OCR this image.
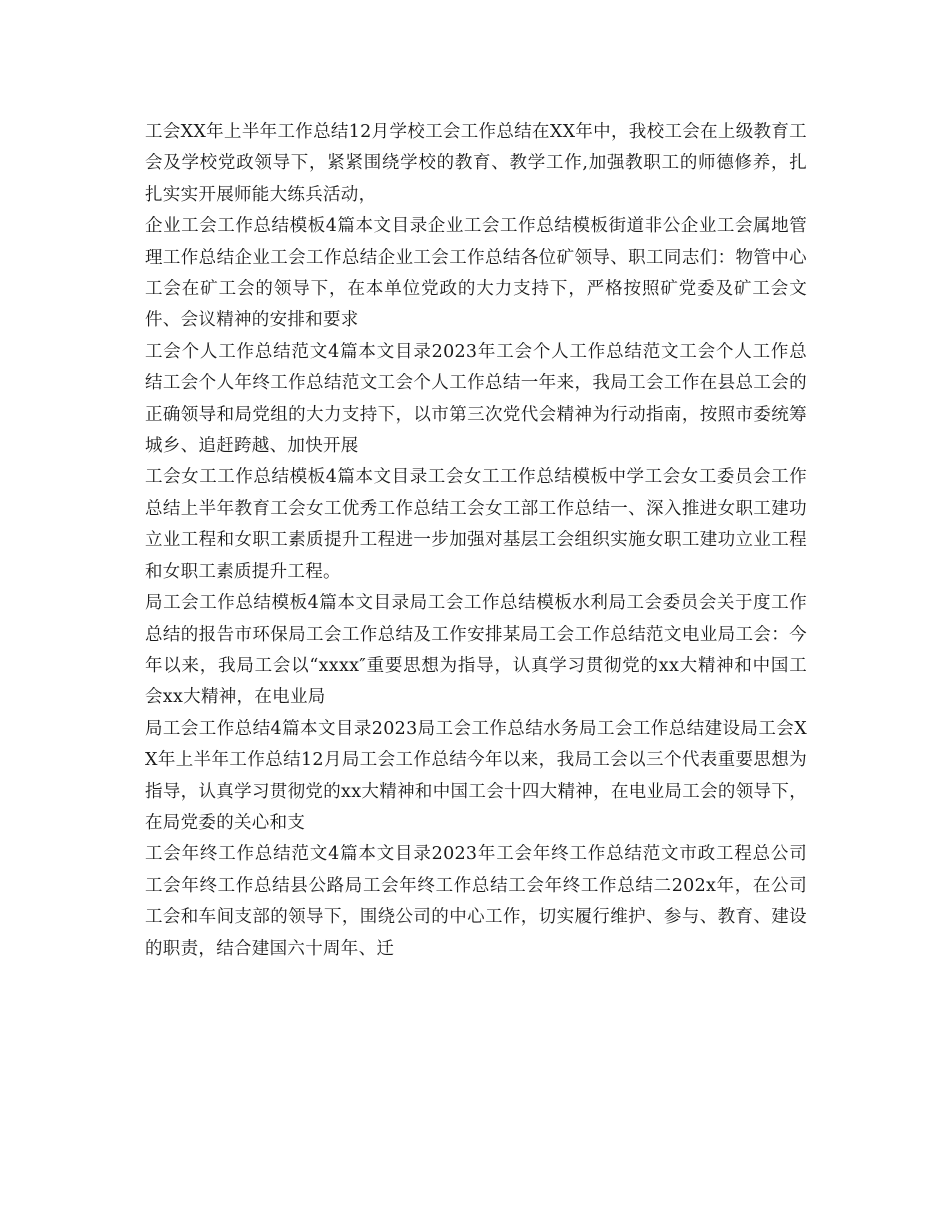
工会XX年上半年工作总结12月学校工会工作总结在XX年中，我校工会在上级教育工会及学校党政领导下，紧紧围绕学校的教育、教学工作,加强教职工的师德修养，扎扎实实开展师能大练兵活动，

企业工会工作总结模板4篇本文目录企业工会工作总结模板街道非公企业工会属地管理工作总结企业工会工作总结企业工会工作总结各位矿领导、职工同志们：物管中心工会在矿工会的领导下，在本单位党政的大力支持下，严格按照矿党委及矿工会文件、会议精神的安排和要求

工会个人工作总结范文4篇本文目录2023年工会个人工作总结范文工会个人工作总结工会个人年终工作总结范文工会个人工作总结一年来，我局工会工作在县总工会的正确领导和局党组的大力支持下，以市第三次党代会精神为行动指南，按照市委统筹城乡、追赶跨越、加快开展

工会女工工作总结模板4篇本文目录工会女工工作总结模板中学工会女工委员会工作总结上半年教育工会女工优秀工作总结工会女工部工作总结一、深入推进女职工建功立业工程和女职工素质提升工程进一步加强对基层工会组织实施女职工建功立业工程和女职工素质提升工程。

局工会工作总结模板4篇本文目录局工会工作总结模板水利局工会委员会关于度工作总结的报告市环保局工会工作总结及工作安排某局工会工作总结范文电业局工会：今年以来，我局工会以“xxxx″重要思想为指导，认真学习贯彻党的xx大精神和中国工会xx大精神，在电业局

局工会工作总结4篇本文目录2023局工会工作总结水务局工会工作总结建设局工会XX年上半年工作总结12月局工会工作总结今年以来，我局工会以三个代表重要思想为指导，认真学习贯彻党的xx大精神和中国工会十四大精神，在电业局工会的领导下，在局党委的关心和支

工会年终工作总结范文4篇本文目录2023年工会年终工作总结范文市政工程总公司工会年终工作总结县公路局工会年终工作总结工会年终工作总结二202x年，在公司工会和车间支部的领导下，围绕公司的中心工作，切实履行维护、参与、教育、建设的职责，结合建国六十周年、迁
